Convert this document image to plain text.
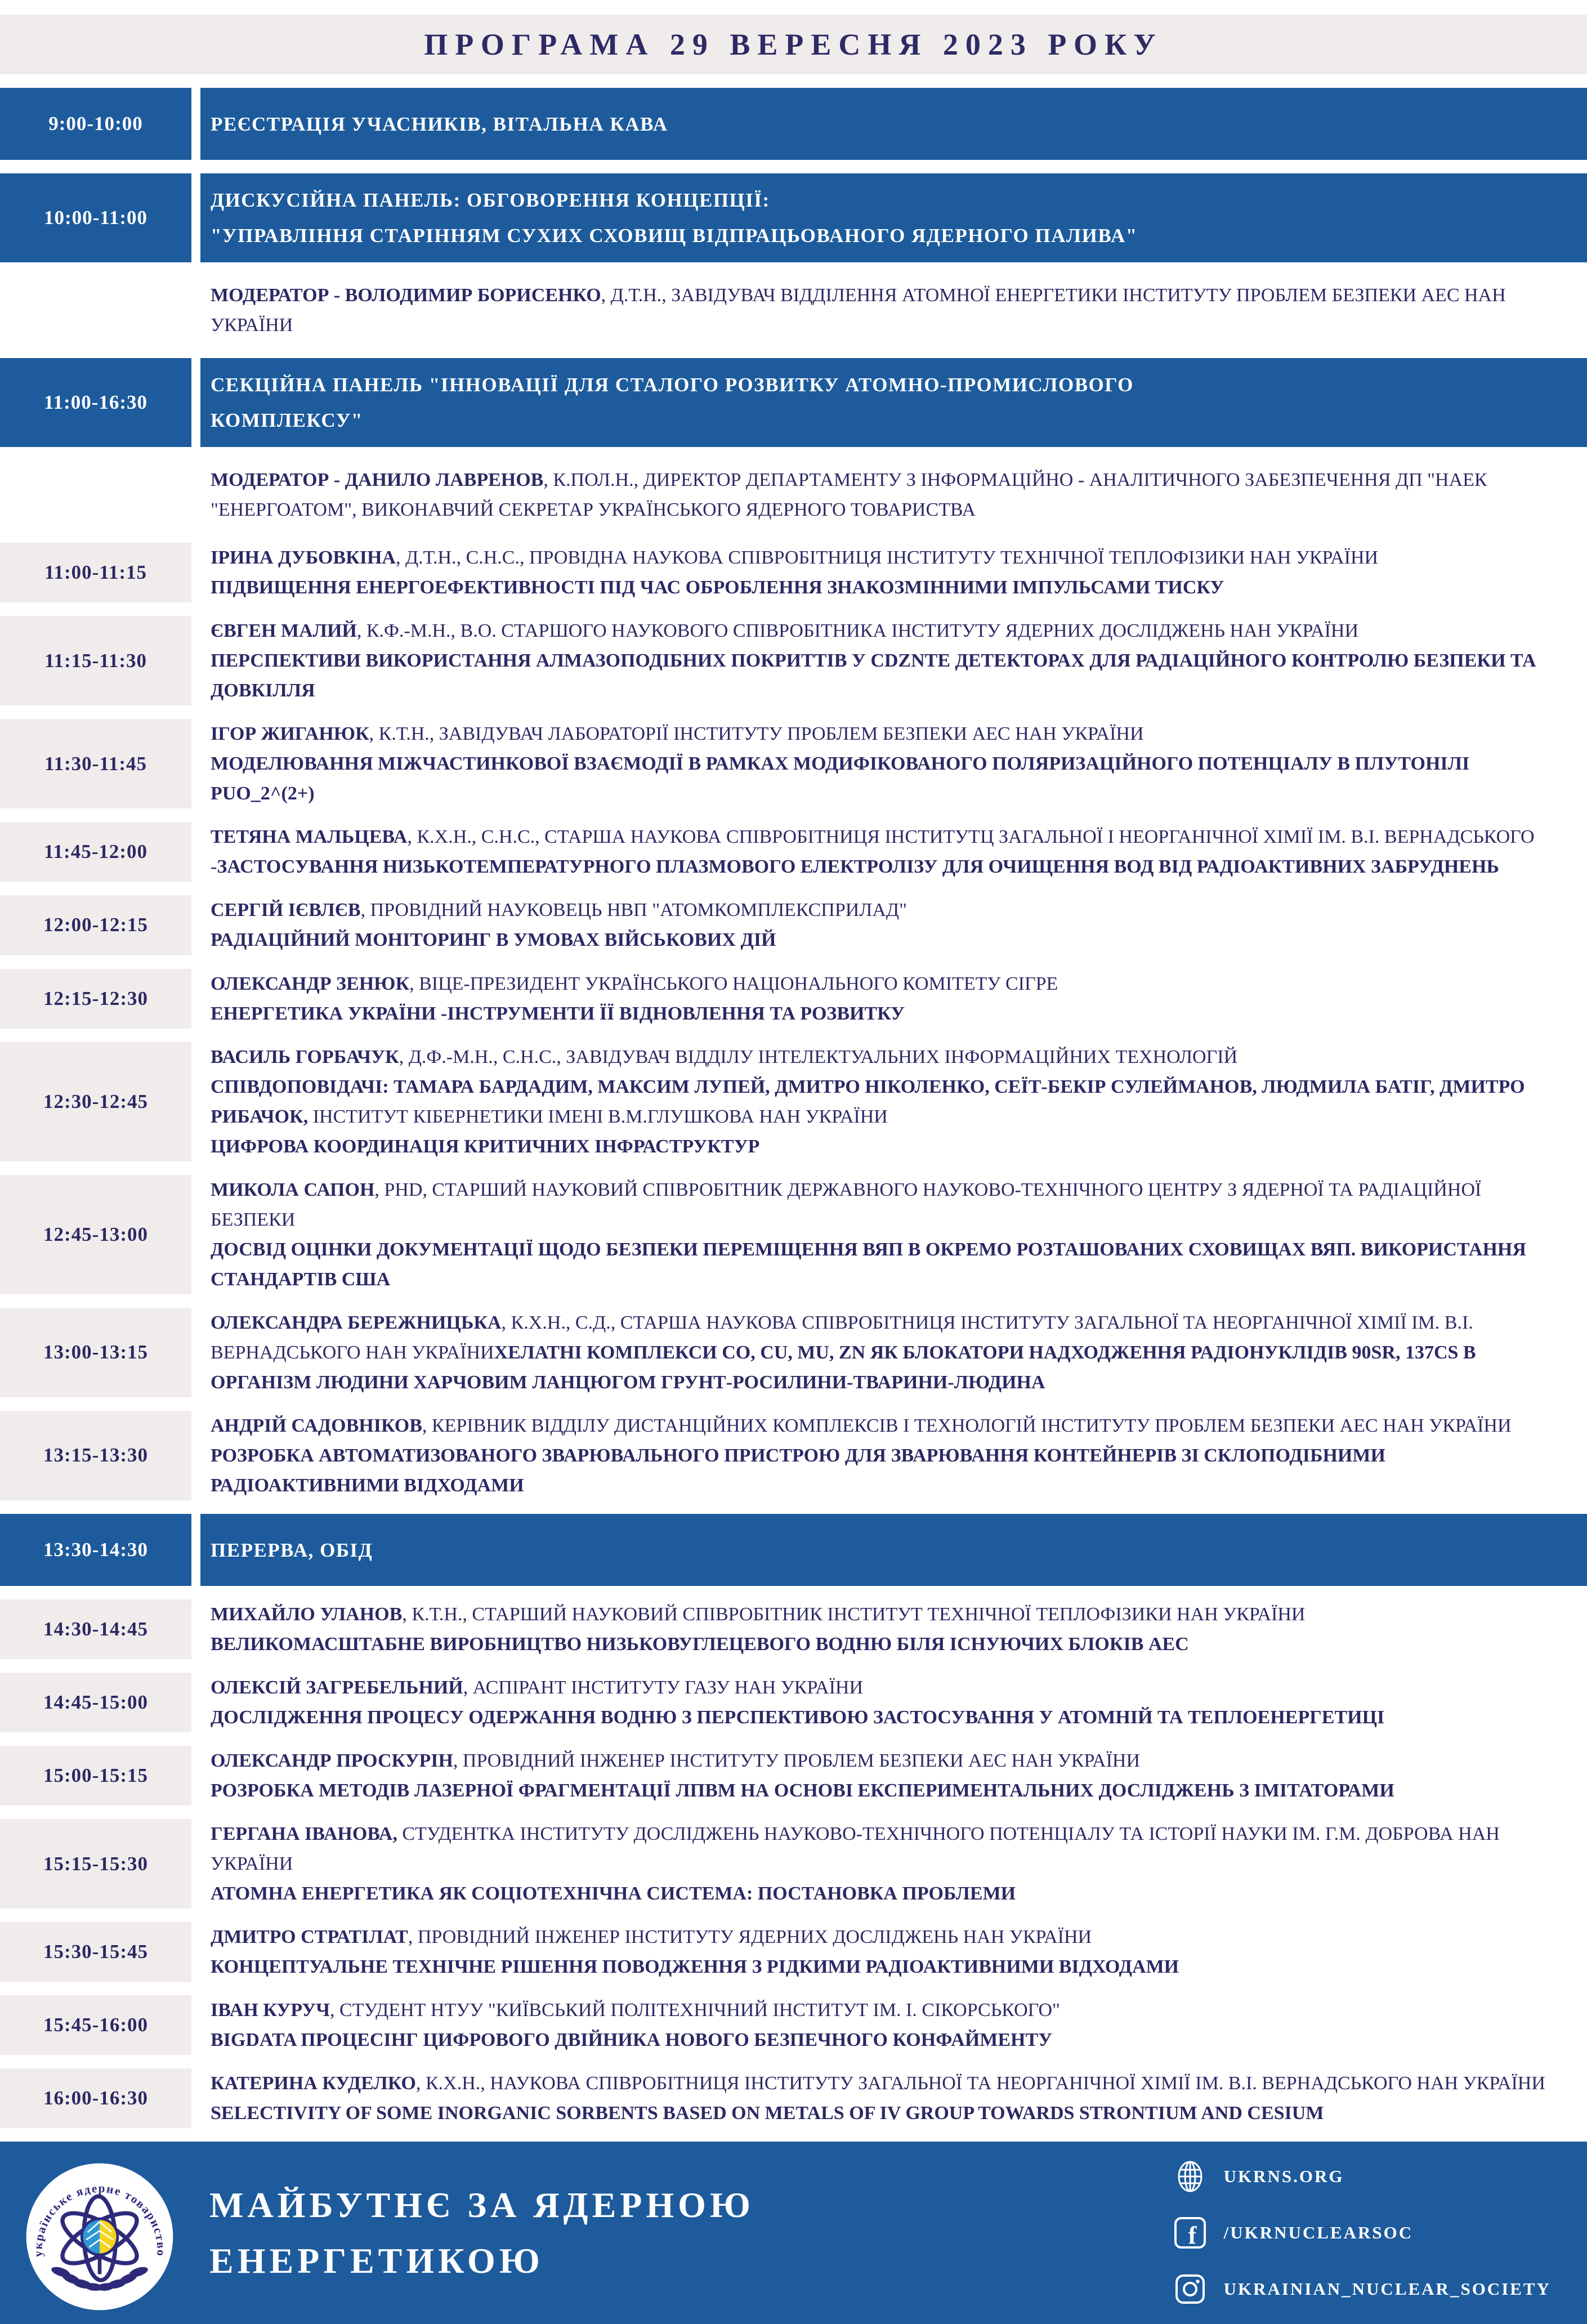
ПРОГРАМА 29 ВЕРЕСНЯ 2023 РОКУ
9:00-10:00	РЕЄСТРАЦІЯ УЧАСНИКІВ, ВІТАЛЬНА КАВА
10:00-11:00
ДИСКУСІЙНА ПАНЕЛЬ: ОБГОВОРЕННЯ КОНЦЕПЦІЇ:
"УПРАВЛІННЯ СТАРІННЯМ СУХИХ СХОВИЩ ВІДПРАЦЬОВАНОГО ЯДЕРНОГО ПАЛИВА"

МОДЕРАТОР - ВОЛОДИМИР БОРИСЕНКО, Д.Т.Н., ЗАВІДУВАЧ ВІДДІЛЕННЯ АТОМНОЇ ЕНЕРГЕТИКИ ІНСТИТУТУ ПРОБЛЕМ БЕЗПЕКИ АЕС НАН УКРАЇНИ

11:00-16:30
СЕКЦІЙНА ПАНЕЛЬ "ІННОВАЦІЇ ДЛЯ СТАЛОГО РОЗВИТКУ АТОМНО-ПРОМИСЛОВОГО КОМПЛЕКСУ"

МОДЕРАТОР - ДАНИЛО ЛАВРЕНОВ, К.ПОЛ.Н., ДИРЕКТОР ДЕПАРТАМЕНТУ З ІНФОРМАЦІЙНО - АНАЛІТИЧНОГО ЗАБЕЗПЕЧЕННЯ ДП "НАЕК "ЕНЕРГОАТОМ", ВИКОНАВЧИЙ СЕКРЕТАР УКРАЇНСЬКОГО ЯДЕРНОГО ТОВАРИСТВА

11:00-11:15

ІРИНА ДУБОВКІНА, Д.Т.Н., С.Н.С., ПРОВІДНА НАУКОВА СПІВРОБІТНИЦЯ ІНСТИТУТУ ТЕХНІЧНОЇ ТЕПЛОФІЗИКИ НАН УКРАЇНИ

ПІДВИЩЕННЯ ЕНЕРГОЕФЕКТИВНОСТІ ПІД ЧАС ОБРОБЛЕННЯ ЗНАКОЗМІННИМИ ІМПУЛЬСАМИ ТИСКУ

11:15-11:30

ЄВГЕН МАЛИЙ, К.Ф.-М.Н., В.О. СТАРШОГО НАУКОВОГО СПІВРОБІТНИКА ІНСТИТУТУ ЯДЕРНИХ ДОСЛІДЖЕНЬ НАН УКРАЇНИ

ПЕРСПЕКТИВИ ВИКОРИСТАННЯ АЛМАЗОПОДІБНИХ ПОКРИТТІВ У CDZNTE ДЕТЕКТОРАХ ДЛЯ РАДІАЦІЙНОГО КОНТРОЛЮ БЕЗПЕКИ ТА ДОВКІЛЛЯ

11:30-11:45

ІГОР ЖИГАНЮК, К.Т.Н., ЗАВІДУВАЧ ЛАБОРАТОРІЇ ІНСТИТУТУ ПРОБЛЕМ БЕЗПЕКИ АЕС НАН УКРАЇНИ

МОДЕЛЮВАННЯ МІЖЧАСТИНКОВОЇ ВЗАЄМОДІЇ В РАМКАХ МОДИФІКОВАНОГО ПОЛЯРИЗАЦІЙНОГО ПОТЕНЦІАЛУ В ПЛУТОНІЛІ PUO_2^(2+)

11:45-12:00

ТЕТЯНА МАЛЬЦЕВА, К.Х.Н., С.Н.С., СТАРША НАУКОВА СПІВРОБІТНИЦЯ ІНСТИТУТЦ ЗАГАЛЬНОЇ І НЕОРГАНІЧНОЇ ХІМІЇ ІМ. В.І. ВЕРНАДСЬКОГО -ЗАСТОСУВАННЯ НИЗЬКОТЕМПЕРАТУРНОГО ПЛАЗМОВОГО ЕЛЕКТРОЛІЗУ ДЛЯ ОЧИЩЕННЯ ВОД ВІД РАДІОАКТИВНИХ ЗАБРУДНЕНЬ

12:00-12:15

СЕРГІЙ ІЄВЛЄВ, ПРОВІДНИЙ НАУКОВЕЦЬ НВП "АТОМКОМПЛЕКСПРИЛАД"

РАДІАЦІЙНИЙ МОНІТОРИНГ В УМОВАХ ВІЙСЬКОВИХ ДІЙ

12:15-12:30

ОЛЕКСАНДР ЗЕНЮК, ВІЦЕ-ПРЕЗИДЕНТ УКРАЇНСЬКОГО НАЦІОНАЛЬНОГО КОМІТЕТУ СІГРЕ

ЕНЕРГЕТИКА УКРАЇНИ -ІНСТРУМЕНТИ ЇЇ ВІДНОВЛЕННЯ ТА РОЗВИТКУ

12:30-12:45

ВАСИЛЬ ГОРБАЧУК, Д.Ф.-М.Н., С.Н.С., ЗАВІДУВАЧ ВІДДІЛУ ІНТЕЛЕКТУАЛЬНИХ ІНФОРМАЦІЙНИХ ТЕХНОЛОГІЙ

СПІВДОПОВІДАЧІ: ТАМАРА БАРДАДИМ, МАКСИМ ЛУПЕЙ, ДМИТРО НІКОЛЕНКО, СЕЇТ-БЕКІР СУЛЕЙМАНОВ, ЛЮДМИЛА БАТІГ, ДМИТРО РИБАЧОК, ІНСТИТУТ КІБЕРНЕТИКИ ІМЕНІ В.М.ГЛУШКОВА НАН УКРАЇНИ

ЦИФРОВА КООРДИНАЦІЯ КРИТИЧНИХ ІНФРАСТРУКТУР

12:45-13:00

МИКОЛА САПОН, PHD, СТАРШИЙ НАУКОВИЙ СПІВРОБІТНИК ДЕРЖАВНОГО НАУКОВО-ТЕХНІЧНОГО ЦЕНТРУ З ЯДЕРНОЇ ТА РАДІАЦІЙНОЇ БЕЗПЕКИ

ДОСВІД ОЦІНКИ ДОКУМЕНТАЦІЇ ЩОДО БЕЗПЕКИ ПЕРЕМІЩЕННЯ ВЯП В ОКРЕМО РОЗТАШОВАНИХ СХОВИЩАХ ВЯП. ВИКОРИСТАННЯ СТАНДАРТІВ США

13:00-13:15

ОЛЕКСАНДРА БЕРЕЖНИЦЬКА, К.Х.Н., С.Д., СТАРША НАУКОВА СПІВРОБІТНИЦЯ ІНСТИТУТУ ЗАГАЛЬНОЇ ТА НЕОРГАНІЧНОЇ ХІМІЇ ІМ. В.І. ВЕРНАДСЬКОГО НАН УКРАЇНИХЕЛАТНІ КОМПЛЕКСИ CO, CU, MU, ZN ЯК БЛОКАТОРИ НАДХОДЖЕННЯ РАДІОНУКЛІДІВ 90SR, 137CS В ОРГАНІЗМ ЛЮДИНИ ХАРЧОВИМ ЛАНЦЮГОМ ГРУНТ-РОСИЛИНИ-ТВАРИНИ-ЛЮДИНА

13:15-13:30

АНДРІЙ САДОВНІКОВ, КЕРІВНИК ВІДДІЛУ ДИСТАНЦІЙНИХ КОМПЛЕКСІВ І ТЕХНОЛОГІЙ ІНСТИТУТУ ПРОБЛЕМ БЕЗПЕКИ АЕС НАН УКРАЇНИ

РОЗРОБКА АВТОМАТИЗОВАНОГО ЗВАРЮВАЛЬНОГО ПРИСТРОЮ ДЛЯ ЗВАРЮВАННЯ КОНТЕЙНЕРІВ ЗІ СКЛОПОДІБНИМИ РАДІОАКТИВНИМИ ВІДХОДАМИ

13:30-14:30	ПЕРЕРВА, ОБІД
14:30-14:45

МИХАЙЛО УЛАНОВ, К.Т.Н., СТАРШИЙ НАУКОВИЙ СПІВРОБІТНИК ІНСТИТУТ ТЕХНІЧНОЇ ТЕПЛОФІЗИКИ НАН УКРАЇНИ

ВЕЛИКОМАСШТАБНЕ ВИРОБНИЦТВО НИЗЬКОВУГЛЕЦЕВОГО ВОДНЮ БІЛЯ ІСНУЮЧИХ БЛОКІВ АЕС

14:45-15:00

ОЛЕКСІЙ ЗАГРЕБЕЛЬНИЙ, АСПІРАНТ ІНСТИТУТУ ГАЗУ НАН УКРАЇНИ

ДОСЛІДЖЕННЯ ПРОЦЕСУ ОДЕРЖАННЯ ВОДНЮ З ПЕРСПЕКТИВОЮ ЗАСТОСУВАННЯ У АТОМНІЙ ТА ТЕПЛОЕНЕРГЕТИЦІ

15:00-15:15

ОЛЕКСАНДР ПРОСКУРІН, ПРОВІДНИЙ ІНЖЕНЕР ІНСТИТУТУ ПРОБЛЕМ БЕЗПЕКИ АЕС НАН УКРАЇНИ

РОЗРОБКА МЕТОДІВ ЛАЗЕРНОЇ ФРАГМЕНТАЦІЇ ЛПВМ НА ОСНОВІ ЕКСПЕРИМЕНТАЛЬНИХ ДОСЛІДЖЕНЬ З ІМІТАТОРАМИ

15:15-15:30

ГЕРГАНА ІВАНОВА, СТУДЕНТКА ІНСТИТУТУ ДОСЛІДЖЕНЬ НАУКОВО-ТЕХНІЧНОГО ПОТЕНЦІАЛУ ТА ІСТОРІЇ НАУКИ ІМ. Г.М. ДОБРОВА НАН УКРАЇНИ

АТОМНА ЕНЕРГЕТИКА ЯК СОЦІОТЕХНІЧНА СИСТЕМА: ПОСТАНОВКА ПРОБЛЕМИ

15:30-15:45

ДМИТРО СТРАТІЛАТ, ПРОВІДНИЙ ІНЖЕНЕР ІНСТИТУТУ ЯДЕРНИХ ДОСЛІДЖЕНЬ НАН УКРАЇНИ

КОНЦЕПТУАЛЬНЕ ТЕХНІЧНЕ РІШЕННЯ ПОВОДЖЕННЯ З РІДКИМИ РАДІОАКТИВНИМИ ВІДХОДАМИ

15:45-16:00

ІВАН КУРУЧ, СТУДЕНТ НТУУ "КИЇВСЬКИЙ ПОЛІТЕХНІЧНИЙ ІНСТИТУТ ІМ. І. СІКОРСЬКОГО"

BIGDATA ПРОЦЕСІНГ ЦИФРОВОГО ДВІЙНИКА НОВОГО БЕЗПЕЧНОГО КОНФАЙМЕНТУ

16:00-16:30

КАТЕРИНА КУДЕЛКО, К.Х.Н., НАУКОВА СПІВРОБІТНИЦЯ ІНСТИТУТУ ЗАГАЛЬНОЇ ТА НЕОРГАНІЧНОЇ ХІМІЇ ІМ. В.І. ВЕРНАДСЬКОГО НАН УКРАЇНИ

SELECTIVITY OF SOME INORGANIC SORBENTS BASED ON METALS OF IV GROUP TOWARDS STRONTIUM AND CESIUM

українське ядерне товариство
МАЙБУТНЄ ЗА ЯДЕРНОЮ
ЕНЕРГЕТИКОЮ
UKRNS.ORG
f /UKRNUCLEARSOC
UKRAINIAN_NUCLEAR_SOCIETY
